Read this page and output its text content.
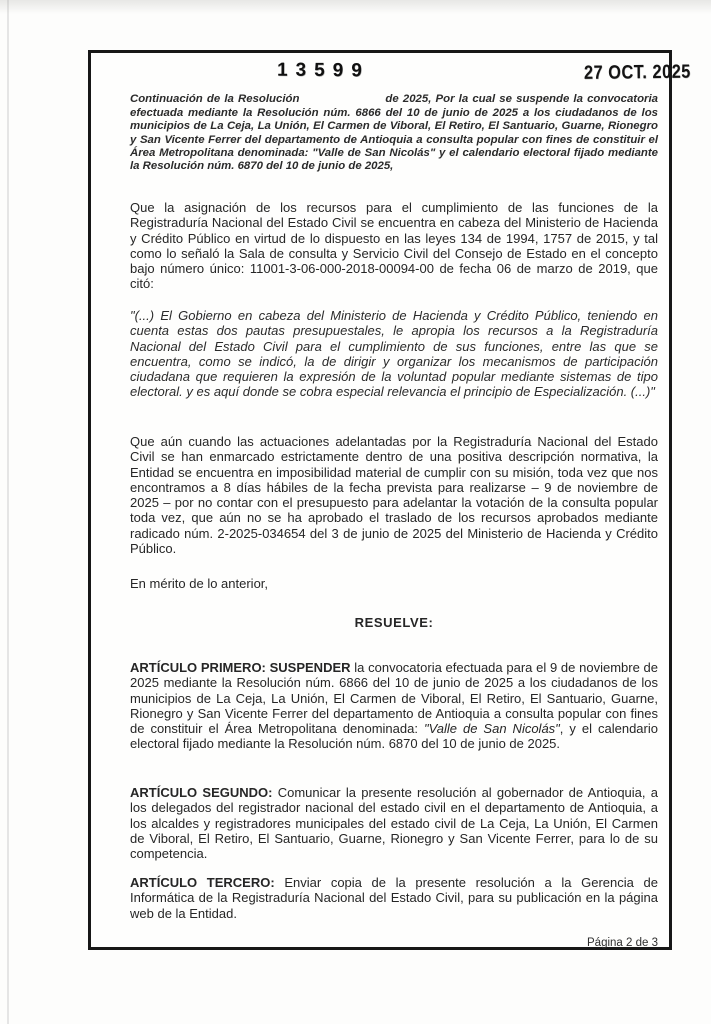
13599	27 OCT. 2025

Continuación de la Resolución	de 2025, Por la cual se suspende la convocatoria efectuada mediante la Resolución núm. 6866 del 10 de junio de 2025 a los ciudadanos de los municipios de La Ceja, La Unión, El Carmen de Viboral, El Retiro, El Santuario, Guarne, Rionegro y San Vicente Ferrer del departamento de Antioquia a consulta popular con fines de constituir el Área Metropolitana denominada: "Valle de San Nicolás" y el calendario electoral fijado mediante la Resolución núm. 6870 del 10 de junio de 2025,

Que la asignación de los recursos para el cumplimiento de las funciones de la Registraduría Nacional del Estado Civil se encuentra en cabeza del Ministerio de Hacienda y Crédito Público en virtud de lo dispuesto en las leyes 134 de 1994, 1757 de 2015, y tal como lo señaló la Sala de consulta y Servicio Civil del Consejo de Estado en el concepto bajo número único: 11001-3-06-000-2018-00094-00 de fecha 06 de marzo de 2019, que citó:

"(...) El Gobierno en cabeza del Ministerio de Hacienda y Crédito Público, teniendo en cuenta estas dos pautas presupuestales, le apropia los recursos a la Registraduría Nacional del Estado Civil para el cumplimiento de sus funciones, entre las que se encuentra, como se indicó, la de dirigir y organizar los mecanismos de participación ciudadana que requieren la expresión de la voluntad popular mediante sistemas de tipo electoral. y es aquí donde se cobra especial relevancia el principio de Especialización. (...)"

Que aún cuando las actuaciones adelantadas por la Registraduría Nacional del Estado Civil se han enmarcado estrictamente dentro de una positiva descripción normativa, la Entidad se encuentra en imposibilidad material de cumplir con su misión, toda vez que nos encontramos a 8 días hábiles de la fecha prevista para realizarse – 9 de noviembre de 2025 – por no contar con el presupuesto para adelantar la votación de la consulta popular toda vez, que aún no se ha aprobado el traslado de los recursos aprobados mediante radicado núm. 2-2025-034654 del 3 de junio de 2025 del Ministerio de Hacienda y Crédito Público.

En mérito de lo anterior,

RESUELVE:

ARTÍCULO PRIMERO: SUSPENDER la convocatoria efectuada para el 9 de noviembre de 2025 mediante la Resolución núm. 6866 del 10 de junio de 2025 a los ciudadanos de los municipios de La Ceja, La Unión, El Carmen de Viboral, El Retiro, El Santuario, Guarne, Rionegro y San Vicente Ferrer del departamento de Antioquia a consulta popular con fines de constituir el Área Metropolitana denominada: "Valle de San Nicolás", y el calendario electoral fijado mediante la Resolución núm. 6870 del 10 de junio de 2025.

ARTÍCULO SEGUNDO: Comunicar la presente resolución al gobernador de Antioquia, a los delegados del registrador nacional del estado civil en el departamento de Antioquia, a los alcaldes y registradores municipales del estado civil de La Ceja, La Unión, El Carmen de Viboral, El Retiro, El Santuario, Guarne, Rionegro y San Vicente Ferrer, para lo de su competencia.

ARTÍCULO TERCERO: Enviar copia de la presente resolución a la Gerencia de Informática de la Registraduría Nacional del Estado Civil, para su publicación en la página web de la Entidad.

Página 2 de 3
